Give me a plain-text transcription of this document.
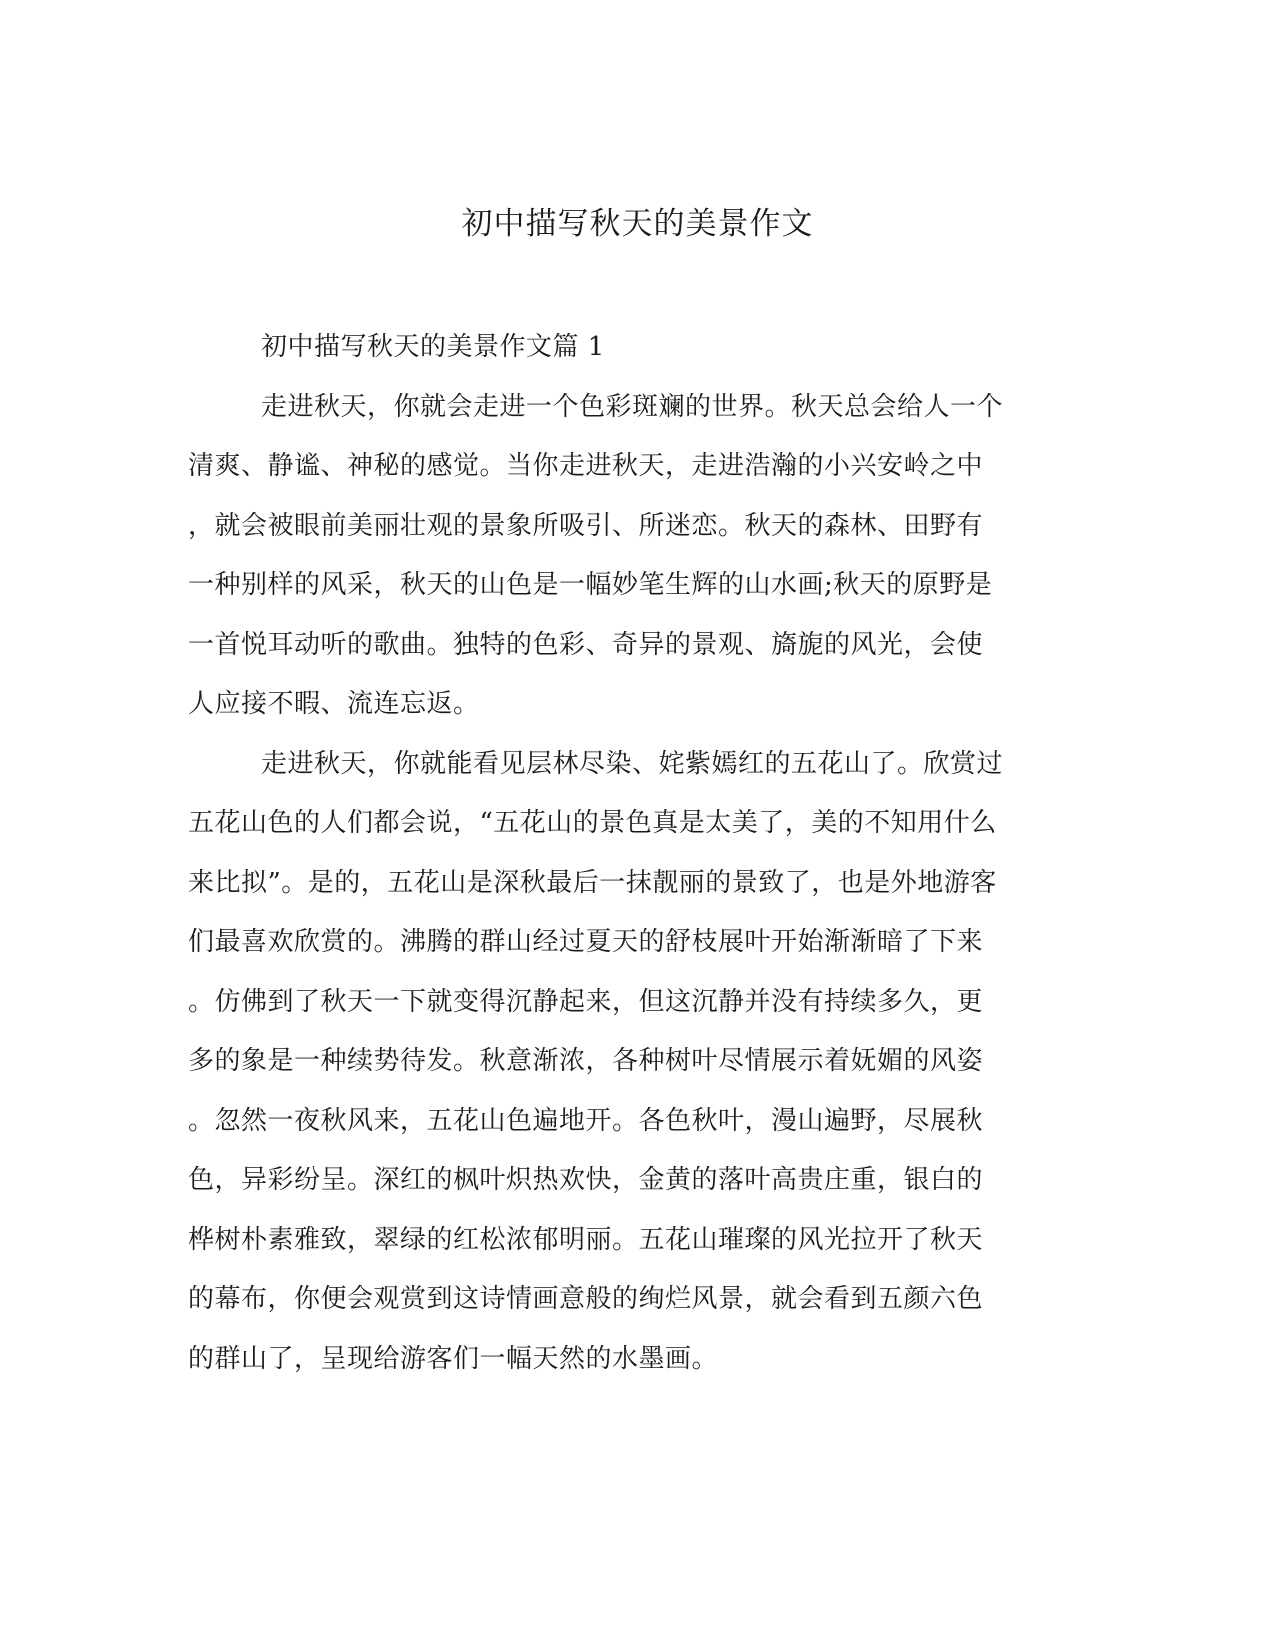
初中描写秋天的美景作文
初中描写秋天的美景作文篇 1
走进秋天，你就会走进一个色彩斑斓的世界。秋天总会给人一个
清爽、静谧、神秘的感觉。当你走进秋天，走进浩瀚的小兴安岭之中
，就会被眼前美丽壮观的景象所吸引、所迷恋。秋天的森林、田野有
一种别样的风采，秋天的山色是一幅妙笔生辉的山水画;秋天的原野是
一首悦耳动听的歌曲。独特的色彩、奇异的景观、旖旎的风光，会使
人应接不暇、流连忘返。
走进秋天，你就能看见层林尽染、姹紫嫣红的五花山了。欣赏过
五花山色的人们都会说，“五花山的景色真是太美了，美的不知用什么
来比拟”。是的，五花山是深秋最后一抹靓丽的景致了，也是外地游客
们最喜欢欣赏的。沸腾的群山经过夏天的舒枝展叶开始渐渐暗了下来
。仿佛到了秋天一下就变得沉静起来，但这沉静并没有持续多久，更
多的象是一种续势待发。秋意渐浓，各种树叶尽情展示着妩媚的风姿
。忽然一夜秋风来，五花山色遍地开。各色秋叶，漫山遍野，尽展秋
色，异彩纷呈。深红的枫叶炽热欢快，金黄的落叶高贵庄重，银白的
桦树朴素雅致，翠绿的红松浓郁明丽。五花山璀璨的风光拉开了秋天
的幕布，你便会观赏到这诗情画意般的绚烂风景，就会看到五颜六色
的群山了，呈现给游客们一幅天然的水墨画。
